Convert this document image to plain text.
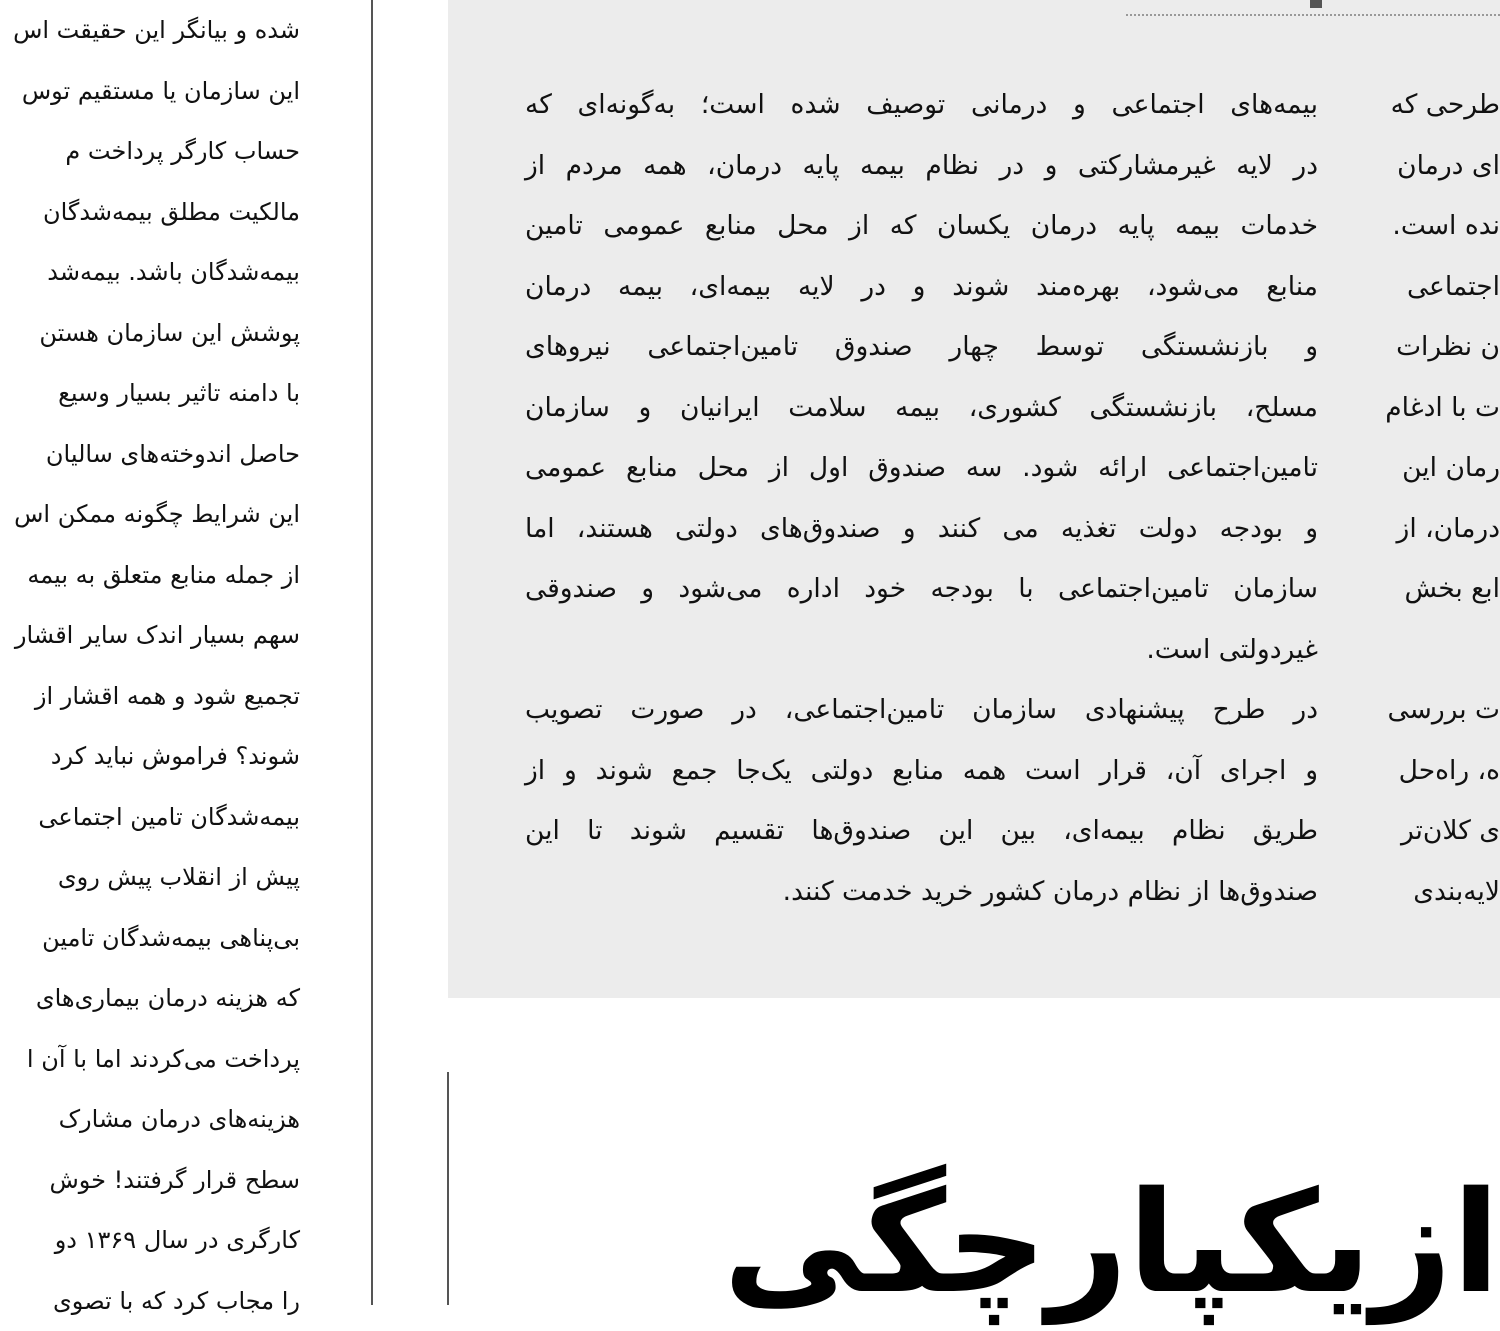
شده و بیانگر این حقیقت اس
این سازمان یا مستقیم توس
حساب کارگر پرداخت م
مالکیت مطلق بیمه‌شدگان
بیمه‌شدگان باشد. بیمه‌شد
پوشش این سازمان هستن
با دامنه تاثیر بسیار وسیع
حاصل اندوخته‌های سالیان
این شرایط چگونه ممکن اس
از جمله منابع متعلق به بیمه
سهم بسیار اندک سایر اقشار
تجمیع شود و همه اقشار از
شوند؟ فراموش نباید کرد
بیمه‌شدگان تامین اجتماعی
پیش از انقلاب پیش روی
بی‌پناهی بیمه‌شدگان تامین
که هزینه درمان بیماری‌های
پرداخت می‌کردند اما با آن ا
هزینه‌های درمان مشارک
سطح قرار گرفتند! خوش
کارگری در سال ۱۳۶۹ دو
را مجاب کرد که با تصوی
بیمه‌های اجتماعی و درمانی توصیف شده است؛ به‌گونه‌ای که
در لایه غیرمشارکتی و در نظام بیمه پایه درمان، همه مردم از
خدمات بیمه پایه درمان یکسان که از محل منابع عمومی تامین
منابع می‌شود، بهره‌مند شوند و در لایه بیمه‌ای، بیمه درمان
و بازنشستگی توسط چهار صندوق تامین‌اجتماعی نیروهای
مسلح، بازنشستگی کشوری، بیمه سلامت ایرانیان و سازمان
تامین‌اجتماعی ارائه شود. سه صندوق اول از محل منابع عمومی
و بودجه دولت تغذیه می کنند و صندوق‌های دولتی هستند، اما
سازمان تامین‌اجتماعی با بودجه خود اداره می‌شود و صندوقی
غیردولتی است.
در طرح پیشنهادی سازمان تامین‌اجتماعی، در صورت تصویب
و اجرای آن، قرار است همه منابع دولتی یک‌جا جمع شوند و از
طریق نظام بیمه‌ای، بین این صندوق‌ها تقسیم شوند تا این
صندوق‌ها از نظام درمان کشور خرید خدمت کنند.
طرحی که
ای درمان
نده است.
اجتماعی
ن نظرات
ت با ادغام
رمان این
درمان، از
ابع بخش
ت بررسی
ه، راه‌حل
ی کلان‌تر
لایه‌بندی
ازیکپارچگی
